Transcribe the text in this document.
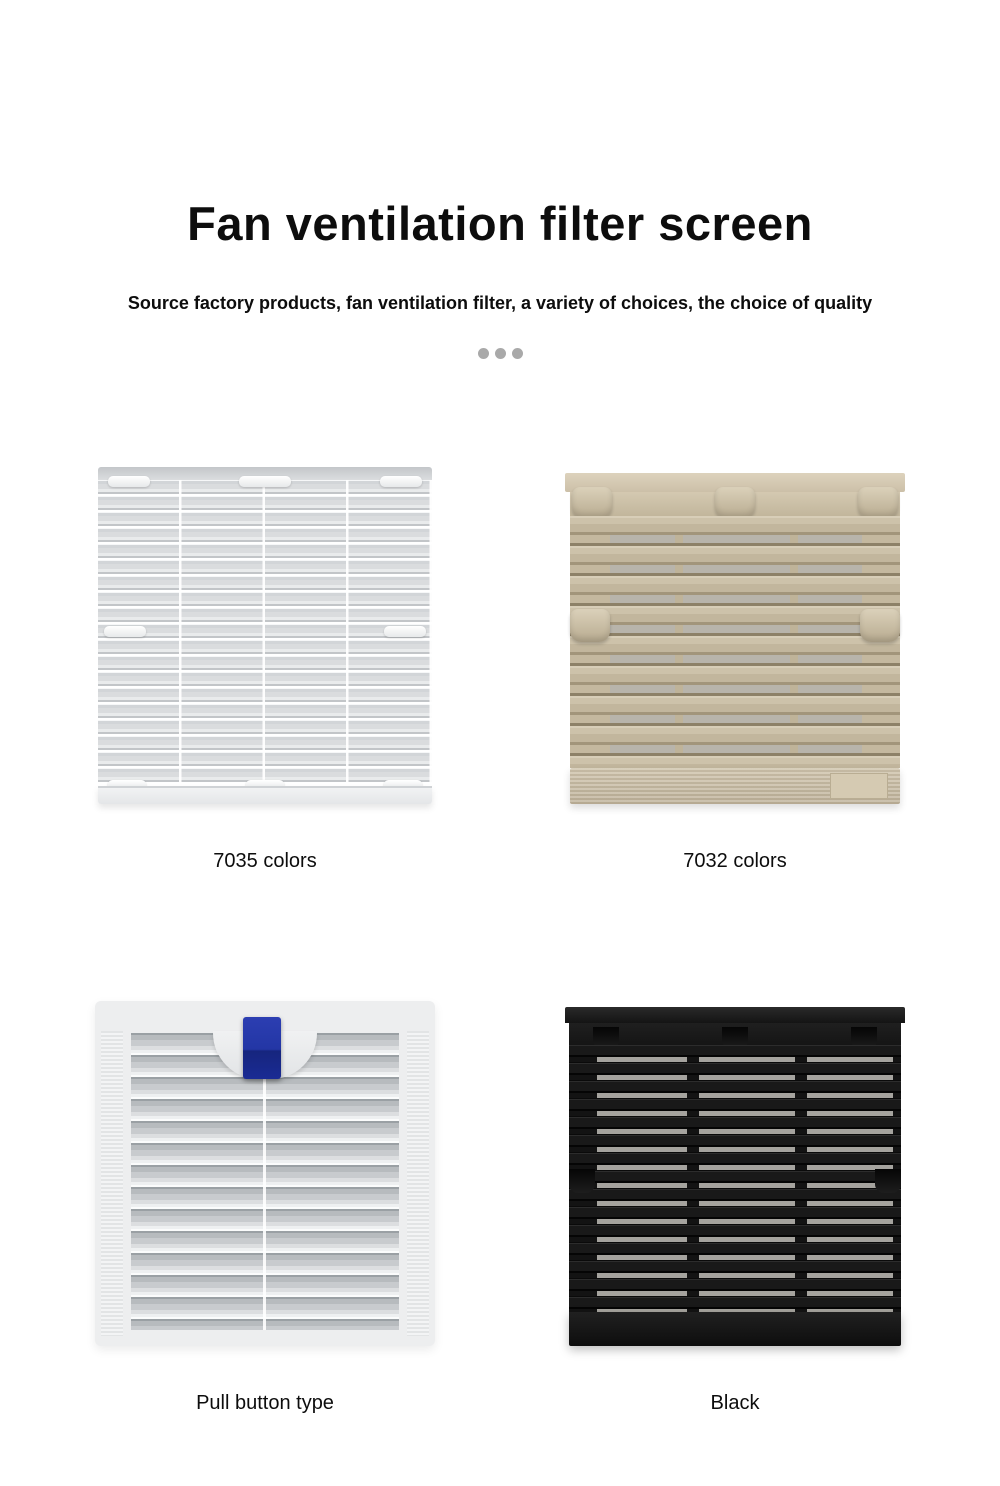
Fan ventilation filter screen

Source factory products, fan ventilation filter, a variety of choices, the choice of quality

7035 colors	7032 colors
Pull button type	Black
